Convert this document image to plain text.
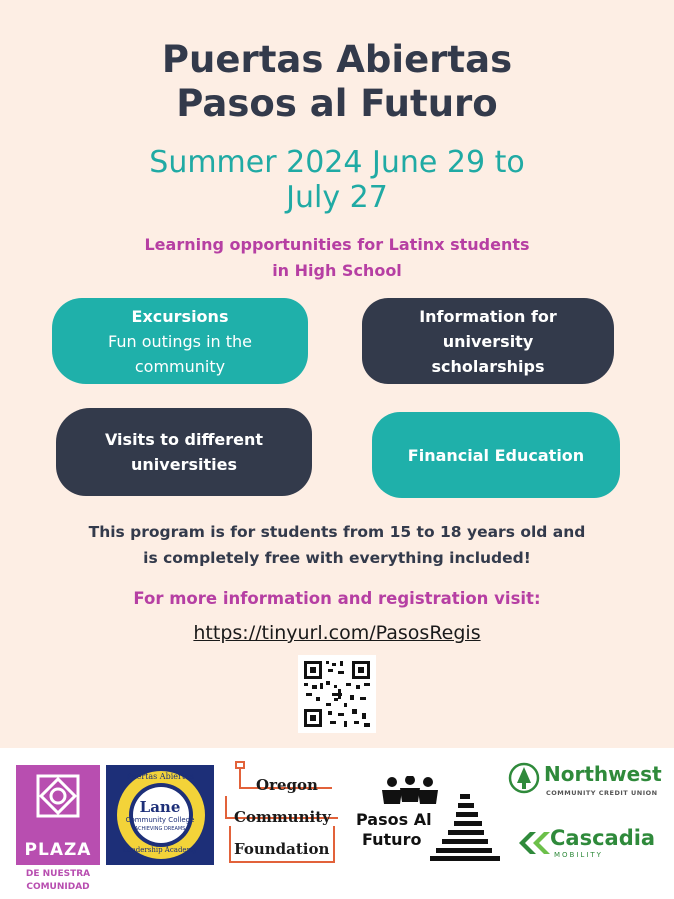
Puertas Abiertas
Pasos al Futuro
Summer 2024 June 29 to
July 27
Learning opportunities for Latinx students
in High School
Excursions
Fun outings in the
community
Information for
university
scholarships
Visits to different
universities	Financial Education
This program is for students from 15 to 18 years old and
is completely free with everything included!
For more information and registration visit:
https://tinyurl.com/PasosRegis
PLAZA
DE NUESTRA
COMUNIDAD
Puertas Abiertas
Lane
Community College
ACHIEVING DREAMS
Leadership Academy
Oregon
Community
Foundation
Pasos Al
Futuro
Northwest
COMMUNITY CREDIT UNION
Cascadia
MOBILITY
